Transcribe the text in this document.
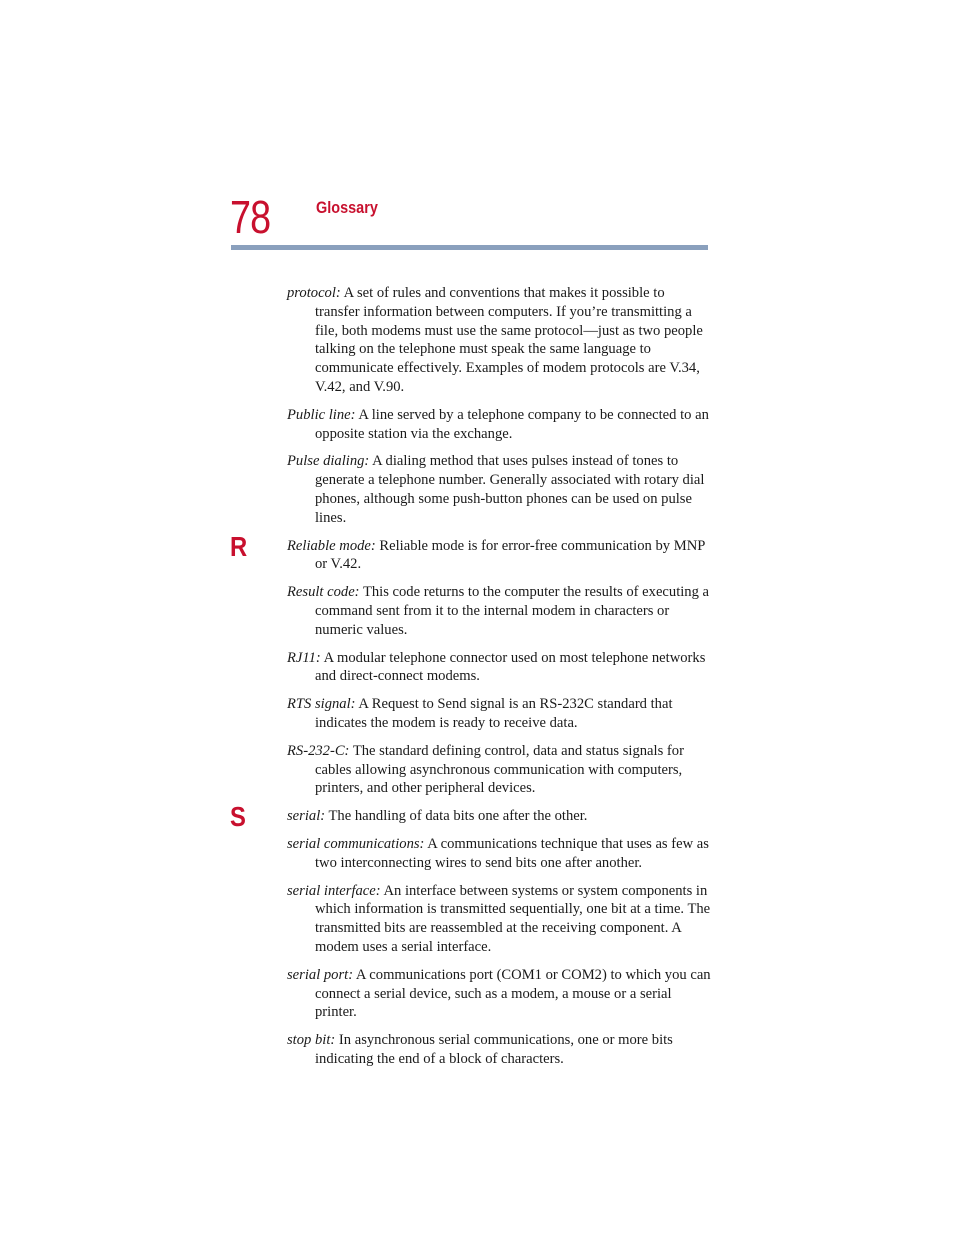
78	Glossary

protocol: A set of rules and conventions that makes it possible to transfer information between computers. If you’re transmitting a file, both modems must use the same protocol—just as two people talking on the telephone must speak the same language to communicate effectively. Examples of modem protocols are V.34, V.42, and V.90.

Public line: A line served by a telephone company to be connected to an opposite station via the exchange.

Pulse dialing: A dialing method that uses pulses instead of tones to generate a telephone number. Generally associated with rotary dial phones, although some push-button phones can be used on pulse lines.

R	Reliable mode: Reliable mode is for error-free communication by MNP or V.42.

Result code: This code returns to the computer the results of executing a command sent from it to the internal modem in characters or numeric values.

RJ11: A modular telephone connector used on most telephone networks and direct-connect modems.

RTS signal: A Request to Send signal is an RS-232C standard that indicates the modem is ready to receive data.

RS-232-C: The standard defining control, data and status signals for cables allowing asynchronous communication with computers, printers, and other peripheral devices.

S	serial: The handling of data bits one after the other.

serial communications: A communications technique that uses as few as two interconnecting wires to send bits one after another.

serial interface: An interface between systems or system components in which information is transmitted sequentially, one bit at a time. The transmitted bits are reassembled at the receiving component. A modem uses a serial interface.

serial port: A communications port (COM1 or COM2) to which you can connect a serial device, such as a modem, a mouse or a serial printer.

stop bit: In asynchronous serial communications, one or more bits indicating the end of a block of characters.
